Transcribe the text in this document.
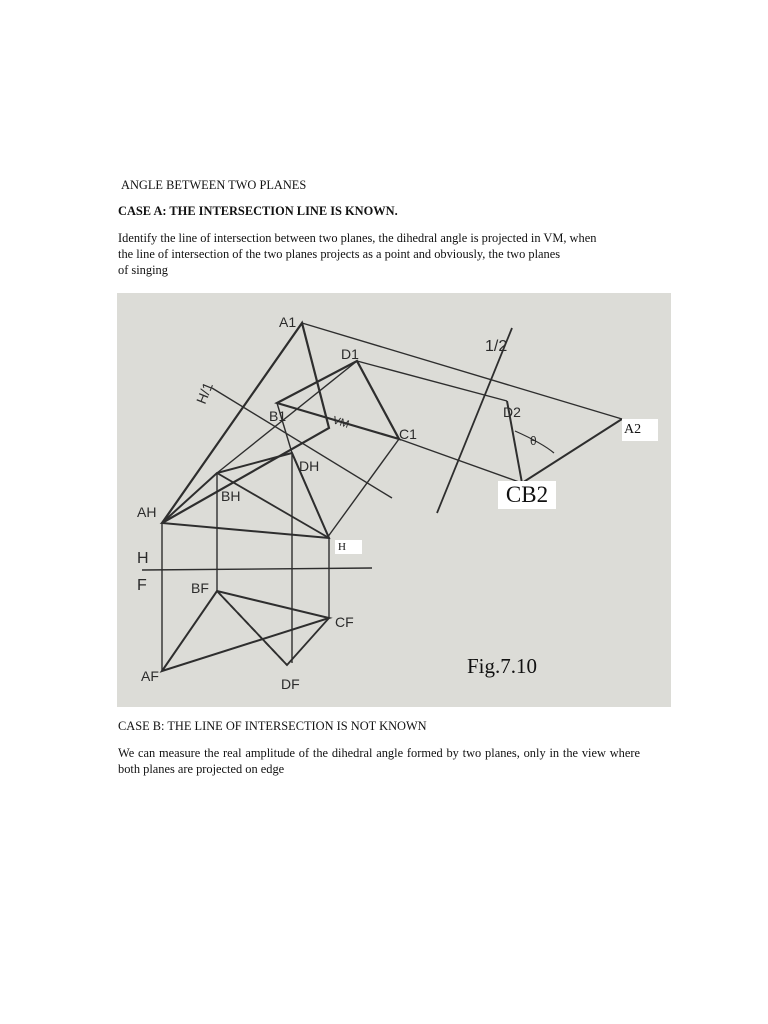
ANGLE BETWEEN TWO PLANES
CASE A: THE INTERSECTION LINE IS KNOWN.
Identify the line of intersection between two planes, the dihedral angle is projected in VM, when
the line of intersection of the two planes projects as a point and obviously, the two planes
of singing
A1
D1
B1
C1
VM
H/1
1/2
D2
θ
AH
BH
DH
H
F	BF
CF
AF	DF
A2
CB2
H
Fig.7.10
CASE B: THE LINE OF INTERSECTION IS NOT KNOWN
We can measure the real amplitude of the dihedral angle formed by two planes, only in the view where both planes are projected on edge
